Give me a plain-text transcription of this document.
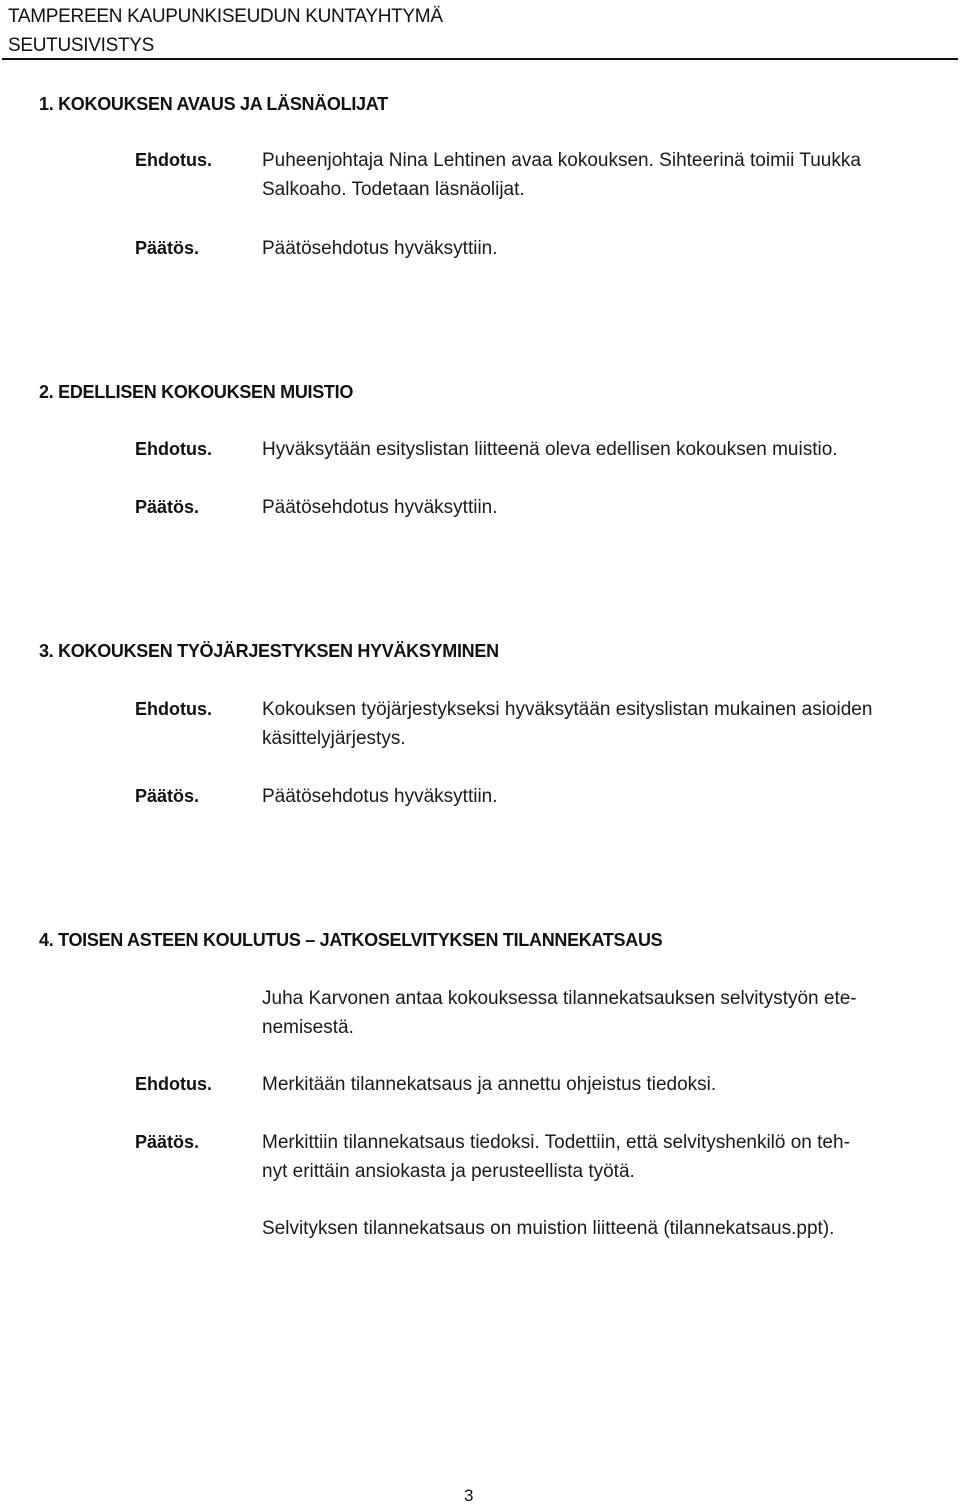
TAMPEREEN KAUPUNKISEUDUN KUNTAYHTYMÄ
SEUTUSIVISTYS
1. KOKOUKSEN AVAUS JA LÄSNÄOLIJAT
Ehdotus.	Puheenjohtaja Nina Lehtinen avaa kokouksen. Sihteerinä toimii Tuukka
Salkoaho. Todetaan läsnäolijat.
Päätös.	Päätösehdotus hyväksyttiin.
2. EDELLISEN KOKOUKSEN MUISTIO
Ehdotus.	Hyväksytään esityslistan liitteenä oleva edellisen kokouksen muistio.
Päätös.	Päätösehdotus hyväksyttiin.
3. KOKOUKSEN TYÖJÄRJESTYKSEN HYVÄKSYMINEN
Ehdotus.	Kokouksen työjärjestykseksi hyväksytään esityslistan mukainen asioiden
käsittelyjärjestys.
Päätös.	Päätösehdotus hyväksyttiin.
4. TOISEN ASTEEN KOULUTUS – JATKOSELVITYKSEN TILANNEKATSAUS
Juha Karvonen antaa kokouksessa tilannekatsauksen selvitystyön ete-
nemisestä.
Ehdotus.	Merkitään tilannekatsaus ja annettu ohjeistus tiedoksi.
Päätös.	Merkittiin tilannekatsaus tiedoksi. Todettiin, että selvityshenkilö on teh-
nyt erittäin ansiokasta ja perusteellista työtä.
Selvityksen tilannekatsaus on muistion liitteenä (tilannekatsaus.ppt).
3
